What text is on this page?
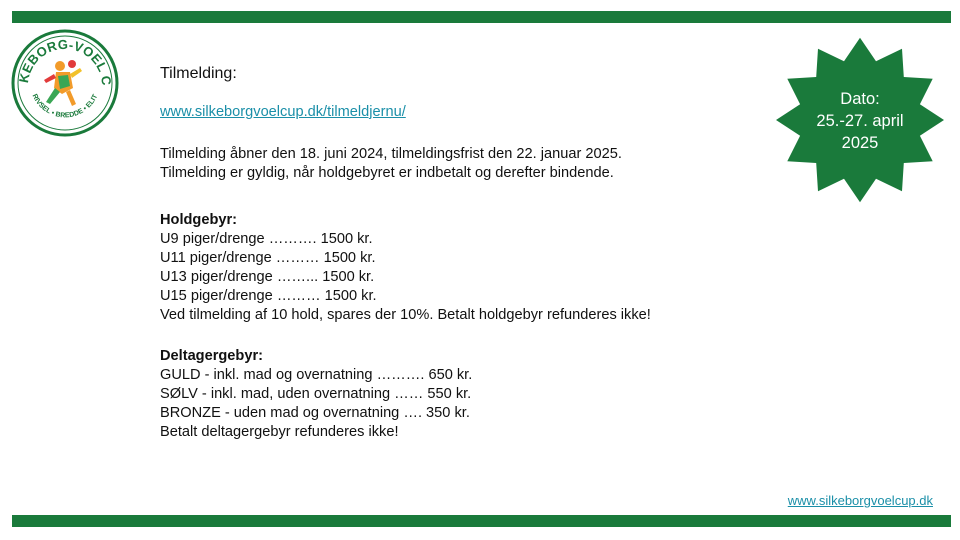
KEBORG-VOEL C
RIVSEL • BREDDE • ELIT
Tilmelding:
www.silkeborgvoelcup.dk/tilmeldjernu/
Tilmelding åbner den 18. juni 2024, tilmeldingsfrist den 22. januar 2025.
Tilmelding er gyldig, når holdgebyret er indbetalt og derefter bindende.
Holdgebyr:
U9 piger/drenge ………. 1500 kr.
U11 piger/drenge ……… 1500 kr.
U13 piger/drenge ……... 1500 kr.
U15 piger/drenge ……… 1500 kr.
Ved tilmelding af 10 hold, spares der 10%. Betalt holdgebyr refunderes ikke!
Deltagergebyr:
GULD - inkl. mad og overnatning ………. 650 kr.
SØLV - inkl. mad, uden overnatning …… 550 kr.
BRONZE - uden mad og overnatning …. 350 kr.
Betalt deltagergebyr refunderes ikke!
Dato:
25.-27. april
2025
www.silkeborgvoelcup.dk
